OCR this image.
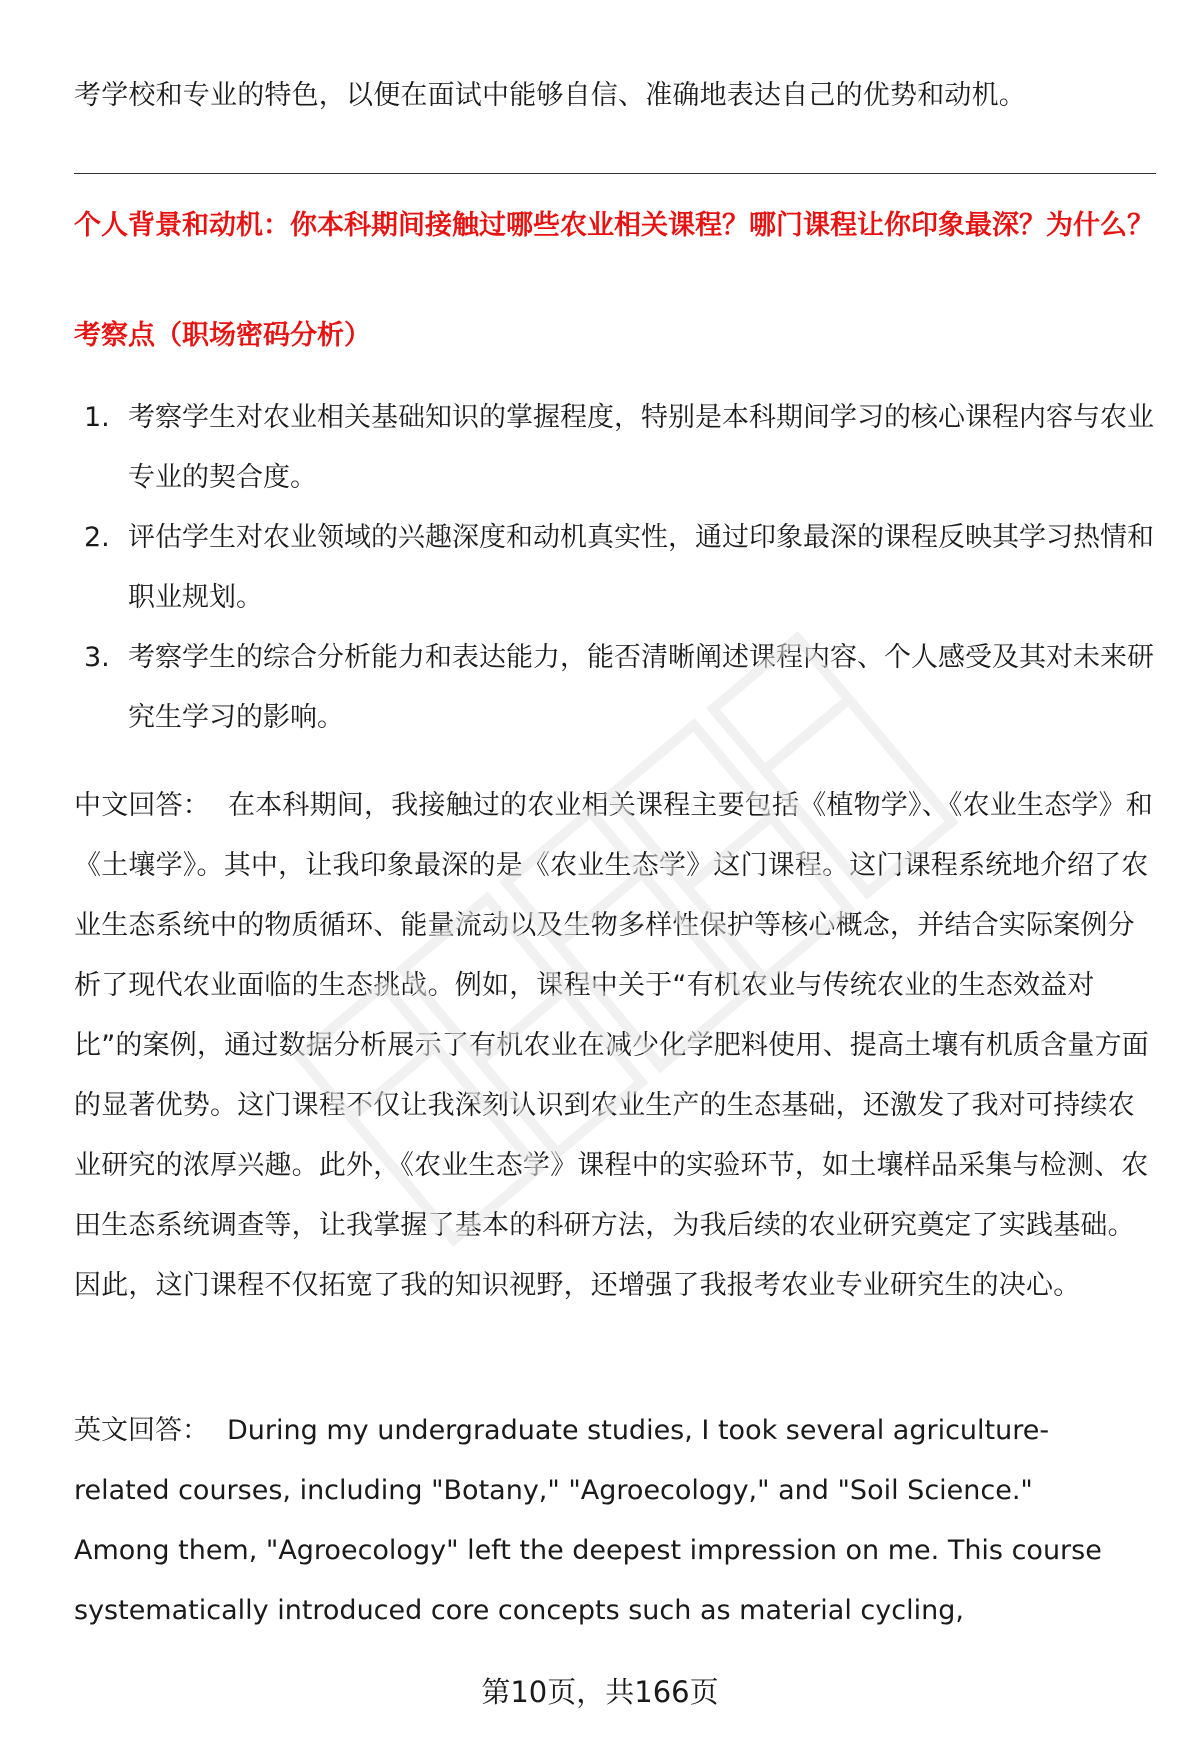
考学校和专业的特色，以便在面试中能够自信、准确地表达自己的优势和动机。

个人背景和动机：你本科期间接触过哪些农业相关课程？哪门课程让你印象最深？为什么？
考察点（职场密码分析）
1. 考察学生对农业相关基础知识的掌握程度，特别是本科期间学习的核心课程内容与农业专业的契合度。
2. 评估学生对农业领域的兴趣深度和动机真实性，通过印象最深的课程反映其学习热情和职业规划。
3. 考察学生的综合分析能力和表达能力，能否清晰阐述课程内容、个人感受及其对未来研究生学习的影响。

中文回答： 在本科期间，我接触过的农业相关课程主要包括《植物学》、《农业生态学》和《土壤学》。其中，让我印象最深的是《农业生态学》这门课程。这门课程系统地介绍了农业生态系统中的物质循环、能量流动以及生物多样性保护等核心概念，并结合实际案例分析了现代农业面临的生态挑战。例如，课程中关于“有机农业与传统农业的生态效益对比”的案例，通过数据分析展示了有机农业在减少化学肥料使用、提高土壤有机质含量方面的显著优势。这门课程不仅让我深刻认识到农业生产的生态基础，还激发了我对可持续农业研究的浓厚兴趣。此外，《农业生态学》课程中的实验环节，如土壤样品采集与检测、农田生态系统调查等，让我掌握了基本的科研方法，为我后续的农业研究奠定了实践基础。因此，这门课程不仅拓宽了我的知识视野，还增强了我报考农业专业研究生的决心。

英文回答： During my undergraduate studies, I took several agriculture-related courses, including "Botany," "Agroecology," and "Soil Science." Among them, "Agroecology" left the deepest impression on me. This course systematically introduced core concepts such as material cycling,

第10页，共166页
